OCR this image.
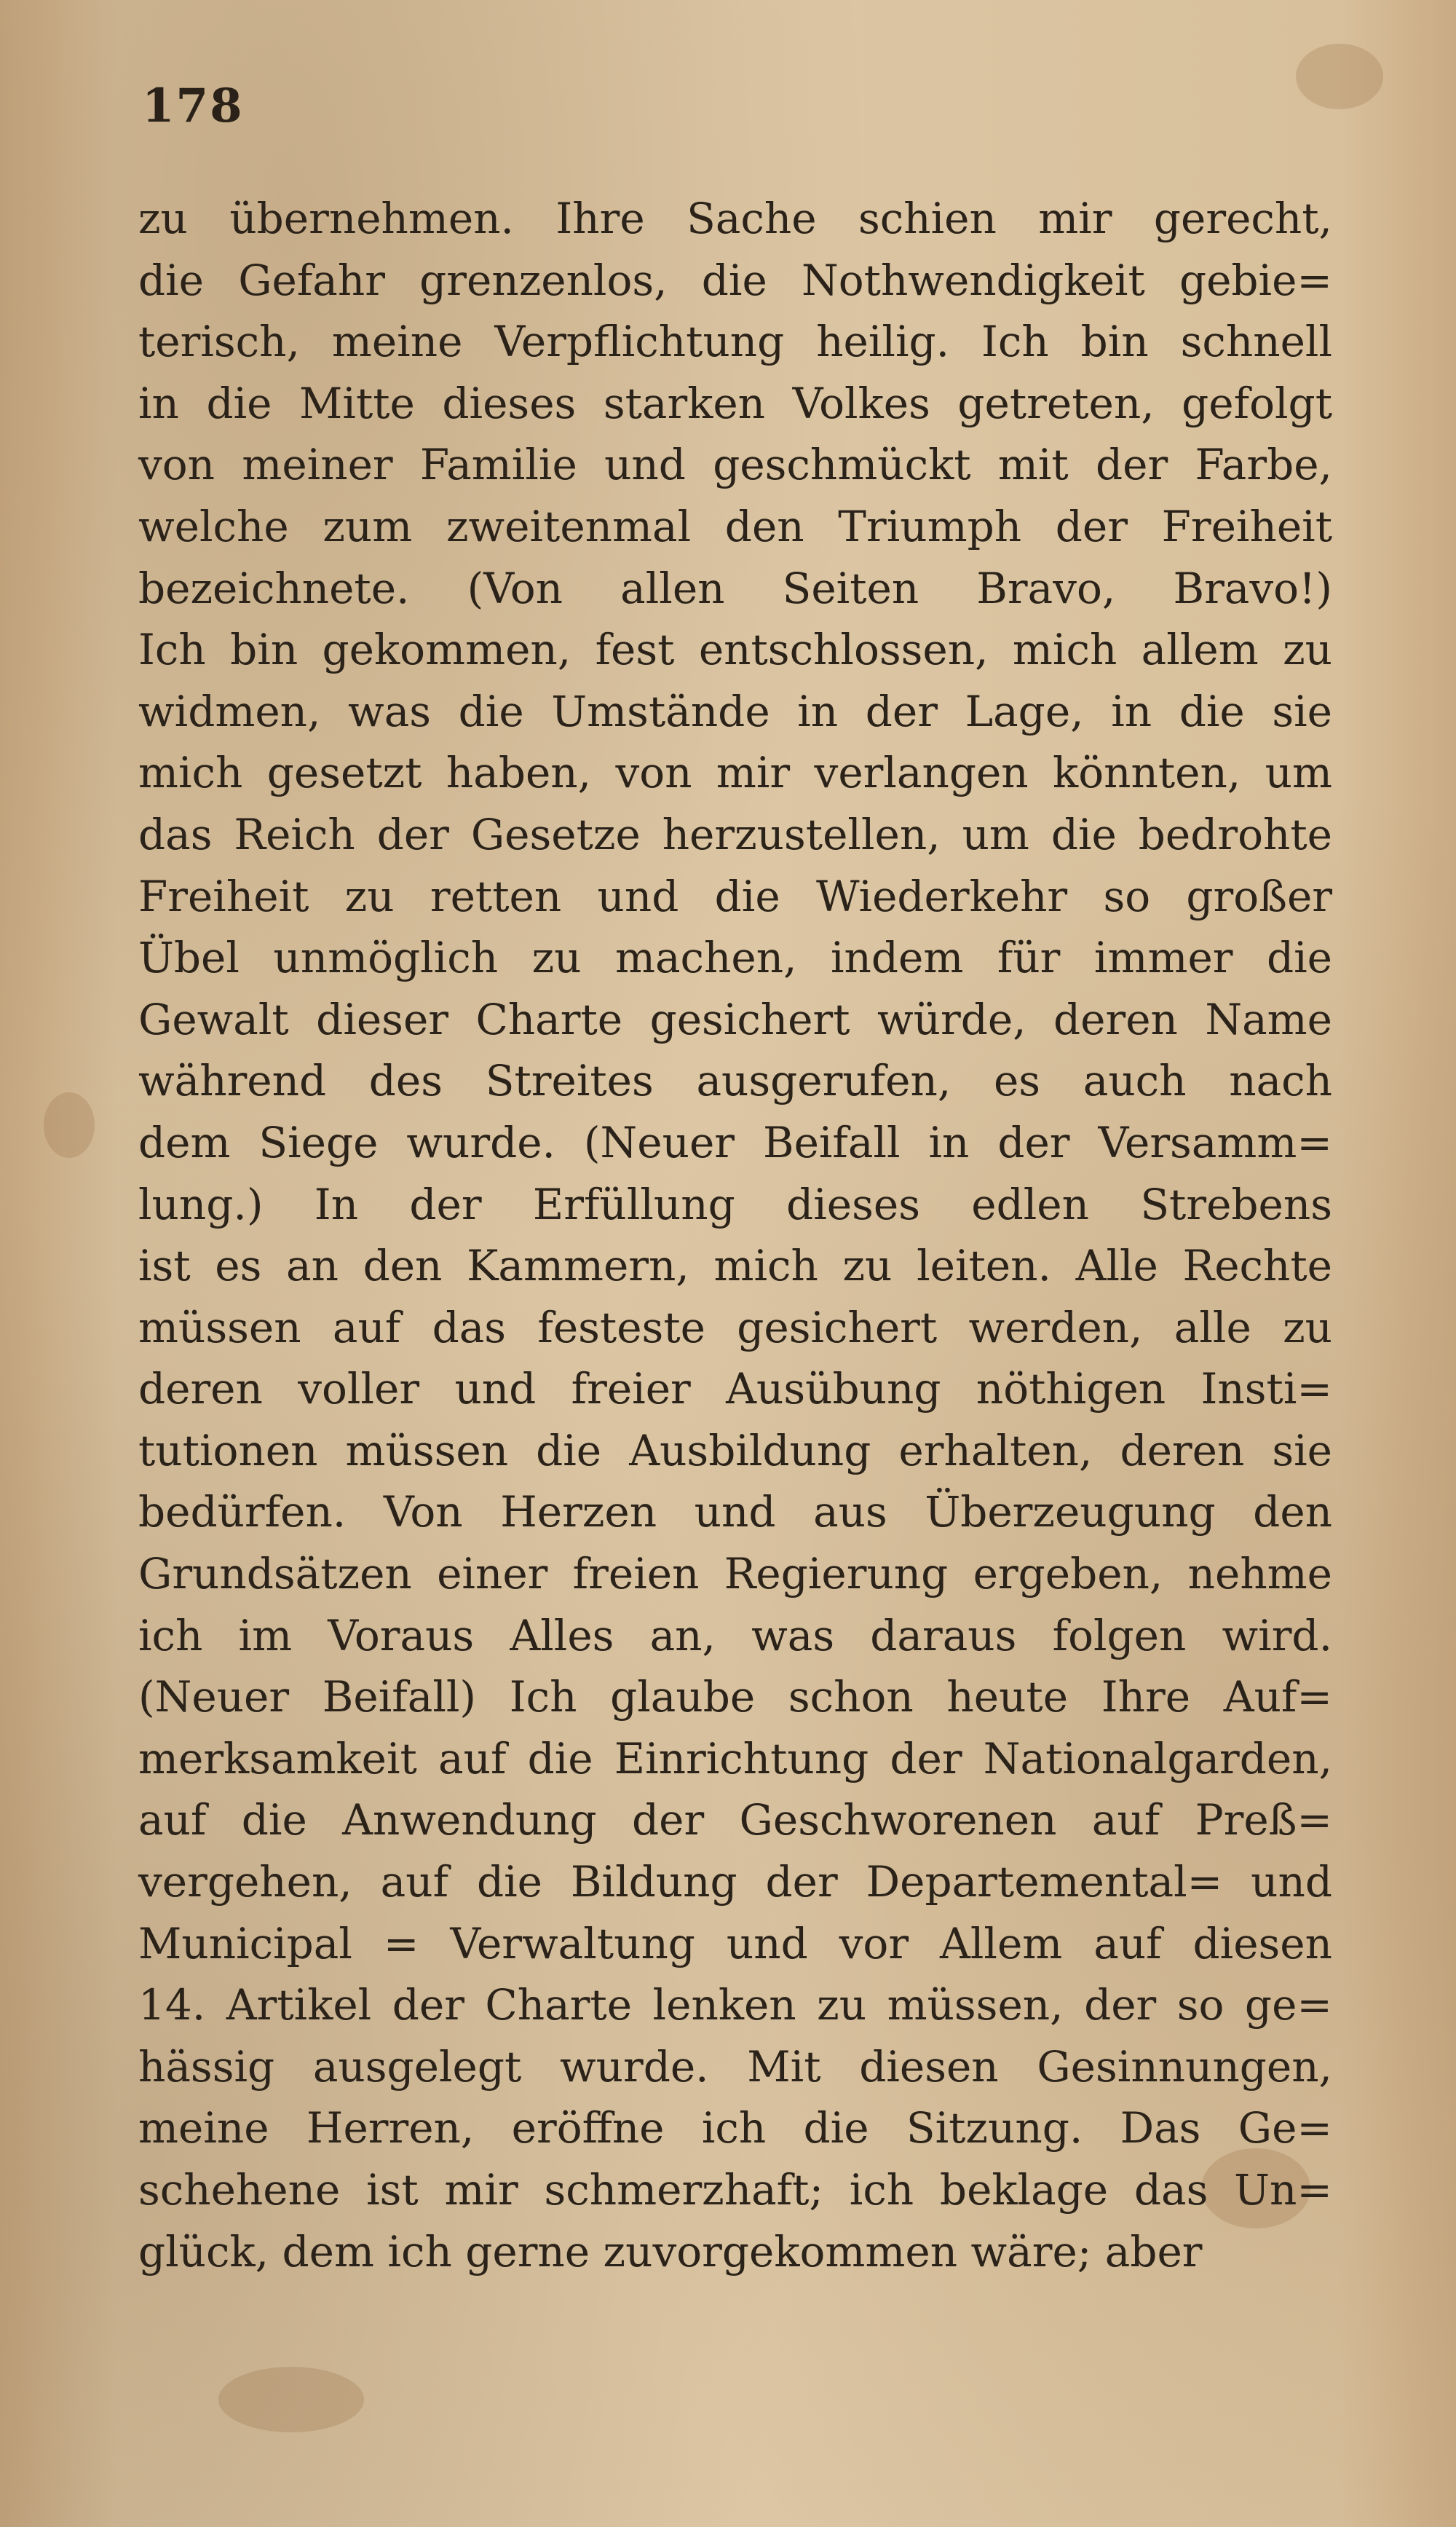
178
zu übernehmen. Ihre Sache schien mir gerecht,
die Gefahr grenzenlos, die Nothwendigkeit gebie=
terisch, meine Verpflichtung heilig. Ich bin schnell
in die Mitte dieses starken Volkes getreten, gefolgt
von meiner Familie und geschmückt mit der Farbe,
welche zum zweitenmal den Triumph der Freiheit
bezeichnete. (Von allen Seiten Bravo, Bravo!)
Ich bin gekommen, fest entschlossen, mich allem zu
widmen, was die Umstände in der Lage, in die sie
mich gesetzt haben, von mir verlangen könnten, um
das Reich der Gesetze herzustellen, um die bedrohte
Freiheit zu retten und die Wiederkehr so großer
Übel unmöglich zu machen, indem für immer die
Gewalt dieser Charte gesichert würde, deren Name
während des Streites ausgerufen, es auch nach
dem Siege wurde. (Neuer Beifall in der Versamm=
lung.) In der Erfüllung dieses edlen Strebens
ist es an den Kammern, mich zu leiten. Alle Rechte
müssen auf das festeste gesichert werden, alle zu
deren voller und freier Ausübung nöthigen Insti=
tutionen müssen die Ausbildung erhalten, deren sie
bedürfen. Von Herzen und aus Überzeugung den
Grundsätzen einer freien Regierung ergeben, nehme
ich im Voraus Alles an, was daraus folgen wird.
(Neuer Beifall) Ich glaube schon heute Ihre Auf=
merksamkeit auf die Einrichtung der Nationalgarden,
auf die Anwendung der Geschworenen auf Preß=
vergehen, auf die Bildung der Departemental= und
Municipal = Verwaltung und vor Allem auf diesen
14. Artikel der Charte lenken zu müssen, der so ge=
hässig ausgelegt wurde. Mit diesen Gesinnungen,
meine Herren, eröffne ich die Sitzung. Das Ge=
schehene ist mir schmerzhaft; ich beklage das Un=
glück, dem ich gerne zuvorgekommen wäre; aber
